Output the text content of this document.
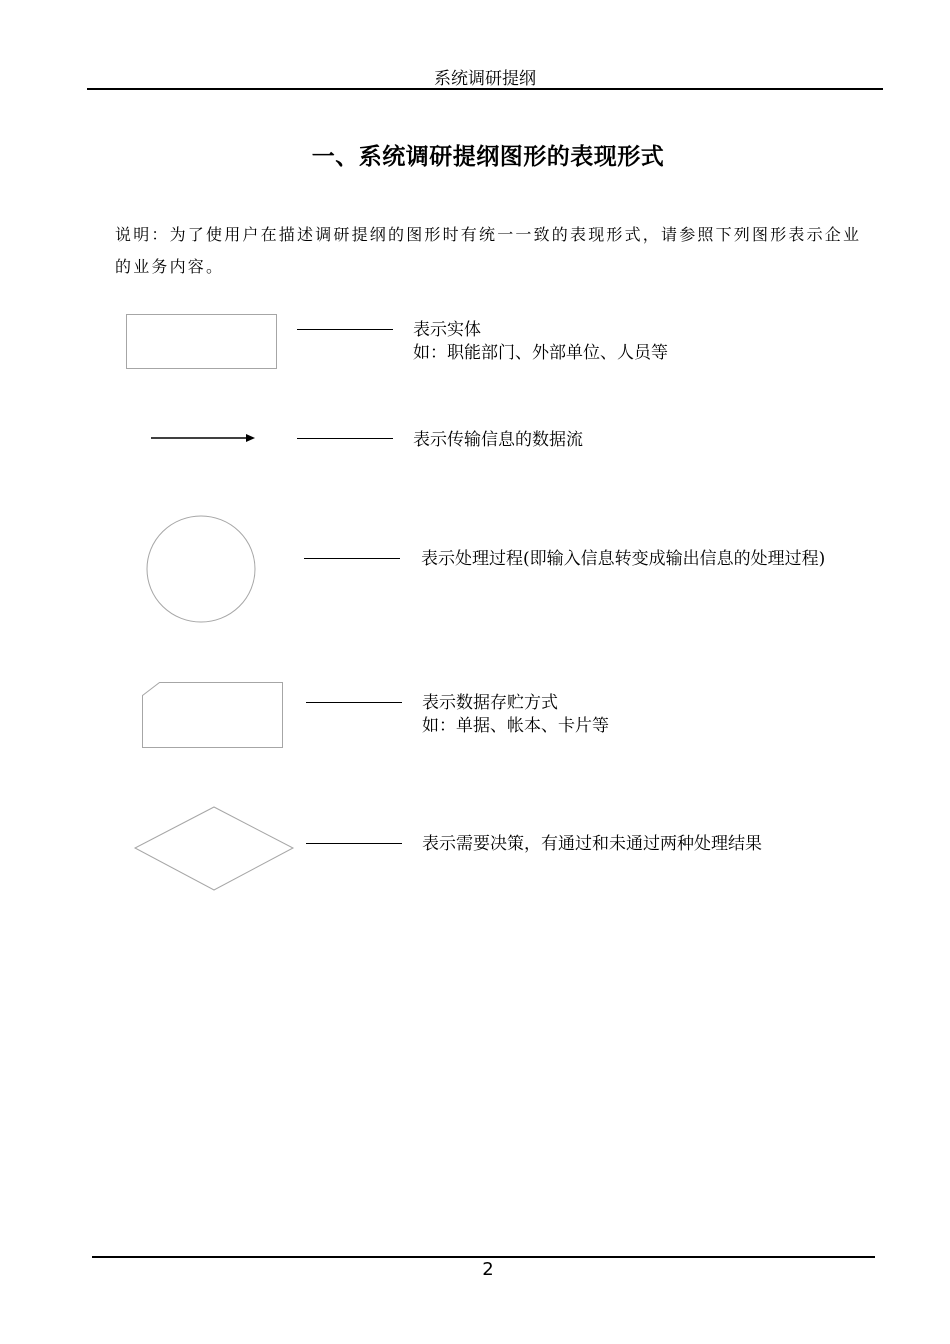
系统调研提纲
一、系统调研提纲图形的表现形式
说明：为了使用户在描述调研提纲的图形时有统一一致的表现形式，请参照下列图形表示企业的业务内容。
表示实体
如：职能部门、外部单位、人员等
表示传输信息的数据流
表示处理过程(即输入信息转变成输出信息的处理过程)
表示数据存贮方式
如：单据、帐本、卡片等
表示需要决策，有通过和未通过两种处理结果
2
